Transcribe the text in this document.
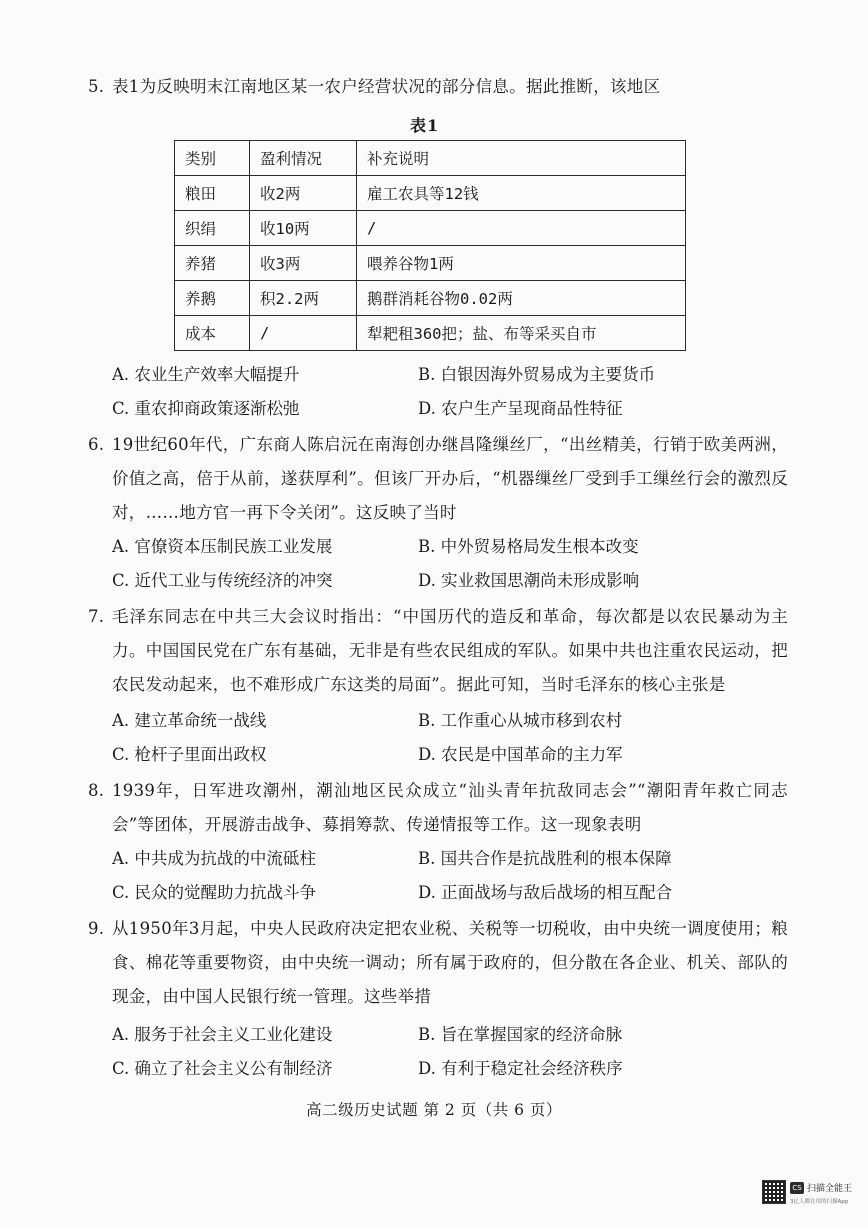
5. 表1为反映明末江南地区某一农户经营状况的部分信息。据此推断，该地区
表1
类别	盈利情况	补充说明
粮田	收2两	雇工农具等12钱
织绢	收10两	/
养猪	收3两	喂养谷物1两
养鹅	积2.2两	鹅群消耗谷物0.02两
成本	/	犁耙租360把；盐、布等采买自市
A. 农业生产效率大幅提升	B. 白银因海外贸易成为主要货币
C. 重农抑商政策逐渐松弛	D. 农户生产呈现商品性特征
6. 19世纪60年代，广东商人陈启沅在南海创办继昌隆缫丝厂，“出丝精美，行销于欧美两洲，价值之高，倍于从前，遂获厚利”。但该厂开办后，“机器缫丝厂受到手工缫丝行会的激烈反对，……地方官一再下令关闭”。这反映了当时
A. 官僚资本压制民族工业发展	B. 中外贸易格局发生根本改变
C. 近代工业与传统经济的冲突	D. 实业救国思潮尚未形成影响
7. 毛泽东同志在中共三大会议时指出：“中国历代的造反和革命，每次都是以农民暴动为主力。中国国民党在广东有基础，无非是有些农民组成的军队。如果中共也注重农民运动，把农民发动起来，也不难形成广东这类的局面”。据此可知，当时毛泽东的核心主张是
A. 建立革命统一战线	B. 工作重心从城市移到农村
C. 枪杆子里面出政权	D. 农民是中国革命的主力军
8. 1939年，日军进攻潮州，潮汕地区民众成立“汕头青年抗敌同志会”“潮阳青年救亡同志会”等团体，开展游击战争、募捐筹款、传递情报等工作。这一现象表明
A. 中共成为抗战的中流砥柱	B. 国共合作是抗战胜利的根本保障
C. 民众的觉醒助力抗战斗争	D. 正面战场与敌后战场的相互配合
9. 从1950年3月起，中央人民政府决定把农业税、关税等一切税收，由中央统一调度使用；粮食、棉花等重要物资，由中央统一调动；所有属于政府的，但分散在各企业、机关、部队的现金，由中国人民银行统一管理。这些举措
A. 服务于社会主义工业化建设	B. 旨在掌握国家的经济命脉
C. 确立了社会主义公有制经济	D. 有利于稳定社会经济秩序
高二级历史试题 第 2 页（共 6 页）
CS 扫描全能王
3亿人都在用的扫描App
